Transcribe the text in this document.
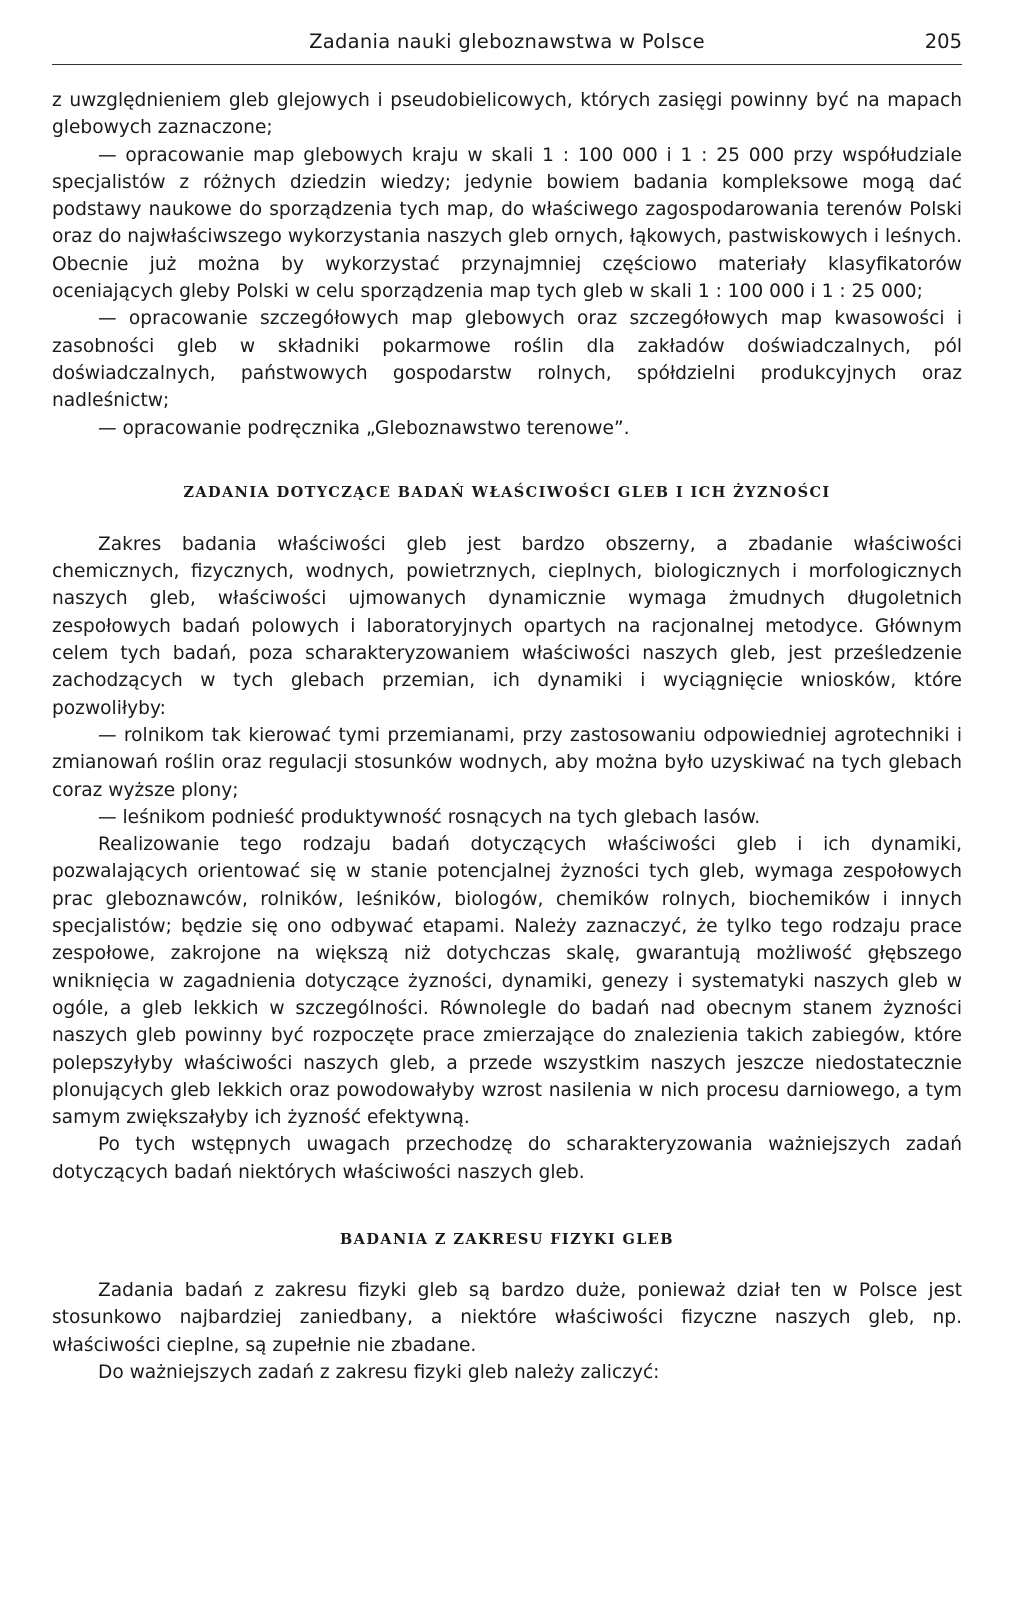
Zadania nauki gleboznawstwa w Polsce	205

z uwzględnieniem gleb glejowych i pseudobielicowych, których zasięgi powinny być na mapach glebowych zaznaczone;

— opracowanie map glebowych kraju w skali 1 : 100 000 i 1 : 25 000 przy współudziale specjalistów z różnych dziedzin wiedzy; jedynie bowiem badania kompleksowe mogą dać podstawy naukowe do sporządzenia tych map, do właściwego zagospodarowania terenów Polski oraz do najwłaściwszego wykorzystania naszych gleb ornych, łąkowych, pastwiskowych i leśnych. Obecnie już można by wykorzystać przynajmniej częściowo materiały klasyfikatorów oceniających gleby Polski w celu sporządzenia map tych gleb w skali 1 : 100 000 i 1 : 25 000;

— opracowanie szczegółowych map glebowych oraz szczegółowych map kwasowości i zasobności gleb w składniki pokarmowe roślin dla zakładów doświadczalnych, pól doświadczalnych, państwowych gospodarstw rolnych, spółdzielni produkcyjnych oraz nadleśnictw;

— opracowanie podręcznika „Gleboznawstwo terenowe”.

ZADANIA DOTYCZĄCE BADAŃ WŁAŚCIWOŚCI GLEB I ICH ŻYZNOŚCI

Zakres badania właściwości gleb jest bardzo obszerny, a zbadanie właściwości chemicznych, fizycznych, wodnych, powietrznych, cieplnych, biologicznych i morfologicznych naszych gleb, właściwości ujmowanych dynamicznie wymaga żmudnych długoletnich zespołowych badań polowych i laboratoryjnych opartych na racjonalnej metodyce. Głównym celem tych badań, poza scharakteryzowaniem właściwości naszych gleb, jest prześledzenie zachodzących w tych glebach przemian, ich dynamiki i wyciągnięcie wniosków, które pozwoliłyby:

— rolnikom tak kierować tymi przemianami, przy zastosowaniu odpowiedniej agrotechniki i zmianowań roślin oraz regulacji stosunków wodnych, aby można było uzyskiwać na tych glebach coraz wyższe plony;

— leśnikom podnieść produktywność rosnących na tych glebach lasów.

Realizowanie tego rodzaju badań dotyczących właściwości gleb i ich dynamiki, pozwalających orientować się w stanie potencjalnej żyzności tych gleb, wymaga zespołowych prac gleboznawców, rolników, leśników, biologów, chemików rolnych, biochemików i innych specjalistów; będzie się ono odbywać etapami. Należy zaznaczyć, że tylko tego rodzaju prace zespołowe, zakrojone na większą niż dotychczas skalę, gwarantują możliwość głębszego wniknięcia w zagadnienia dotyczące żyzności, dynamiki, genezy i systematyki naszych gleb w ogóle, a gleb lekkich w szczególności. Równolegle do badań nad obecnym stanem żyzności naszych gleb powinny być rozpoczęte prace zmierzające do znalezienia takich zabiegów, które polepszyłyby właściwości naszych gleb, a przede wszystkim naszych jeszcze niedostatecznie plonujących gleb lekkich oraz powodowałyby wzrost nasilenia w nich procesu darniowego, a tym samym zwiększałyby ich żyzność efektywną.

Po tych wstępnych uwagach przechodzę do scharakteryzowania ważniejszych zadań dotyczących badań niektórych właściwości naszych gleb.

BADANIA Z ZAKRESU FIZYKI GLEB

Zadania badań z zakresu fizyki gleb są bardzo duże, ponieważ dział ten w Polsce jest stosunkowo najbardziej zaniedbany, a niektóre właściwości fizyczne naszych gleb, np. właściwości cieplne, są zupełnie nie zbadane.

Do ważniejszych zadań z zakresu fizyki gleb należy zaliczyć:
